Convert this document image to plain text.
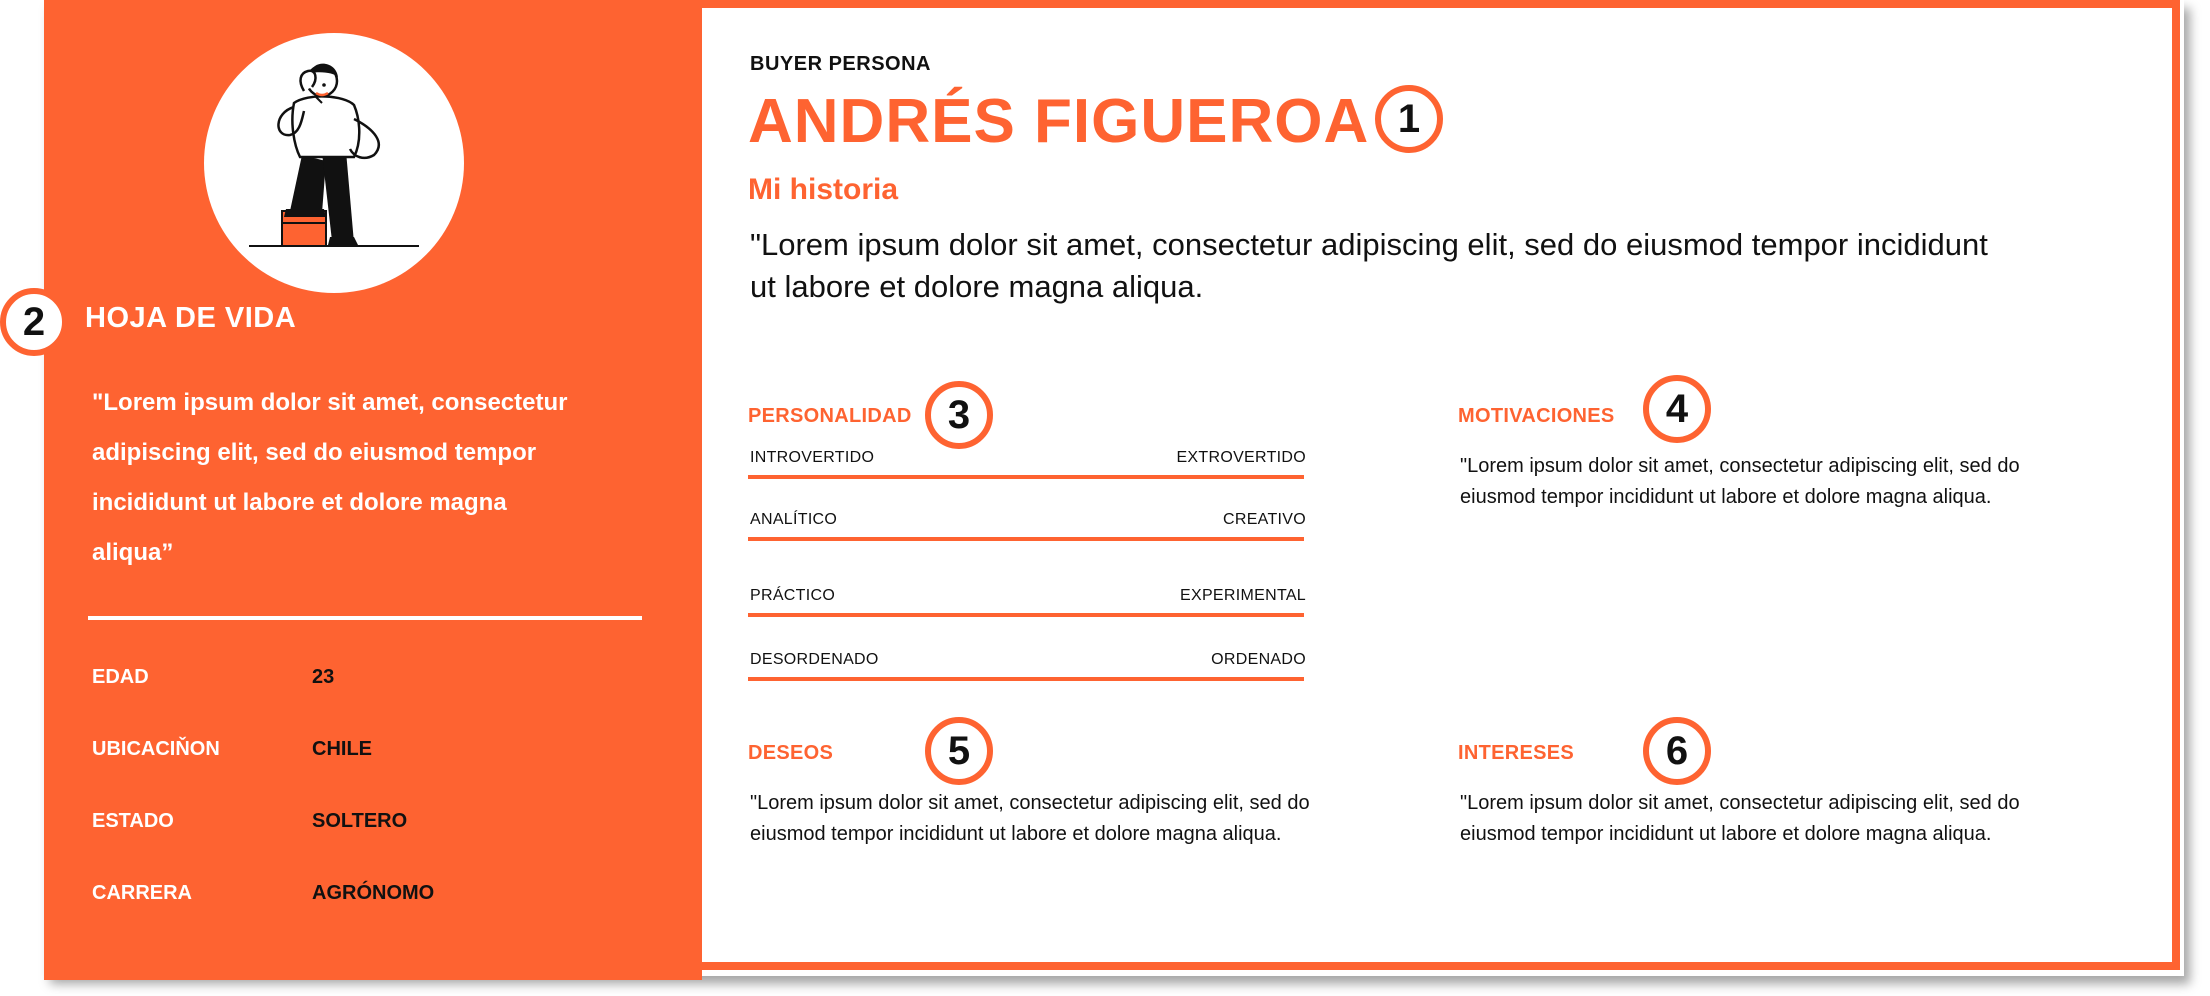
2	HOJA DE VIDA
"Lorem ipsum dolor sit amet, consectetur adipiscing elit, sed do eiusmod tempor incididunt ut labore et dolore magna aliqua”
EDAD	23
UBICACIŇON	CHILE
ESTADO	SOLTERO
CARRERA	AGRÓNOMO
BUYER PERSONA
ANDRÉS FIGUEROA 1
Mi historia
"Lorem ipsum dolor sit amet, consectetur adipiscing elit, sed do eiusmod tempor incididunt ut labore et dolore magna aliqua.
PERSONALIDAD 3
INTROVERTIDO	EXTROVERTIDO
ANALÍTICO	CREATIVO
PRÁCTICO	EXPERIMENTAL
DESORDENADO	ORDENADO
MOTIVACIONES	4
"Lorem ipsum dolor sit amet, consectetur adipiscing elit, sed do eiusmod tempor incididunt ut labore et dolore magna aliqua.
DESEOS	5
"Lorem ipsum dolor sit amet, consectetur adipiscing elit, sed do eiusmod tempor incididunt ut labore et dolore magna aliqua.
INTERESES	6
"Lorem ipsum dolor sit amet, consectetur adipiscing elit, sed do eiusmod tempor incididunt ut labore et dolore magna aliqua.
